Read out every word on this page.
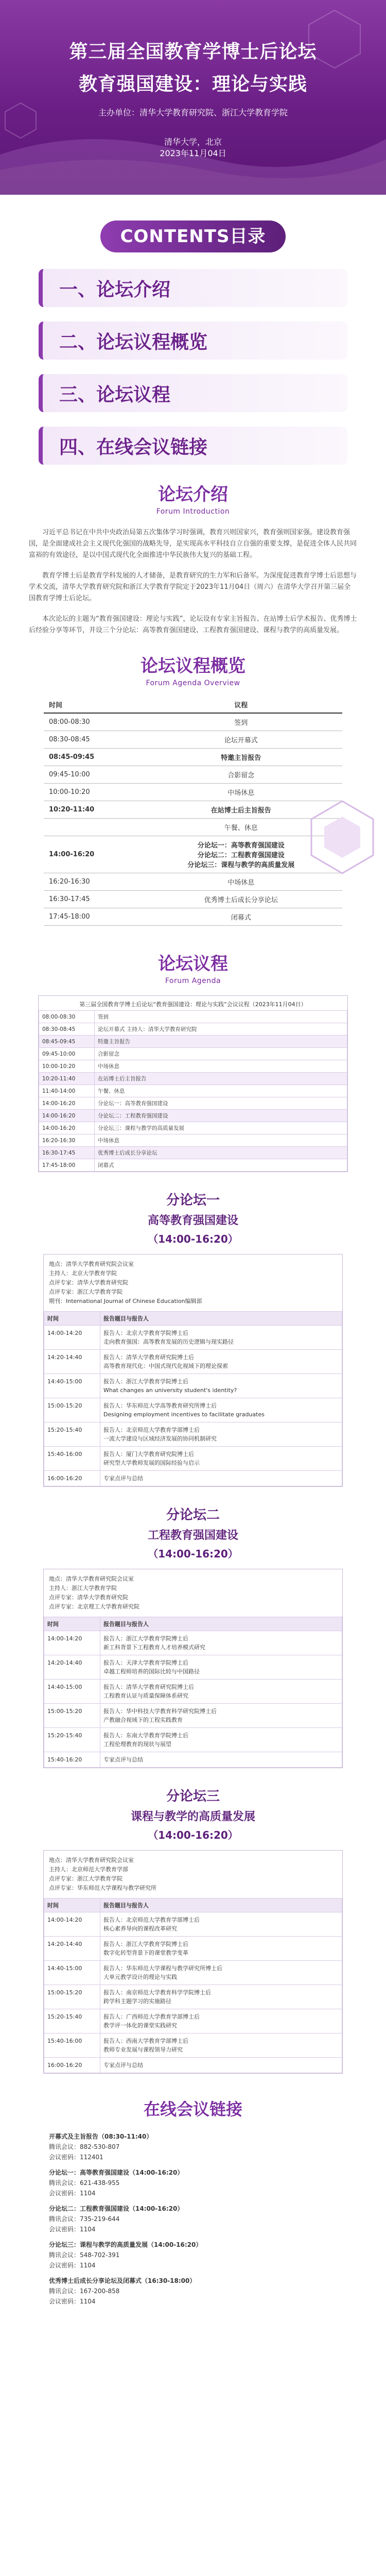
第三届全国教育学博士后论坛
教育强国建设：理论与实践
主办单位：清华大学教育研究院、浙江大学教育学院
清华大学，北京
2023年11月04日
CONTENTS目录
一、论坛介绍
二、论坛议程概览
三、论坛议程
四、在线会议链接
论坛介绍
Forum Introduction

习近平总书记在中共中央政治局第五次集体学习时强调，教育兴则国家兴，教育强则国家强。建设教育强国，是全面建成社会主义现代化强国的战略先导，是实现高水平科技自立自强的重要支撑，是促进全体人民共同富裕的有效途径，是以中国式现代化全面推进中华民族伟大复兴的基础工程。

教育学博士后是教育学科发展的人才储备，是教育研究的生力军和后备军。为深度促进教育学博士后思想与学术交流，清华大学教育研究院和浙江大学教育学院定于2023年11月04日（周六）在清华大学召开第三届全国教育学博士后论坛。

本次论坛的主题为“教育强国建设：理论与实践”，论坛设有专家主旨报告、在站博士后学术报告、优秀博士后经验分享等环节，并设三个分论坛：高等教育强国建设、工程教育强国建设、课程与教学的高质量发展。

论坛议程概览
Forum Agenda Overview
时间	议程
08:00-08:30	签到
08:30-08:45	论坛开幕式
08:45-09:45	特邀主旨报告
09:45-10:00	合影留念
10:00-10:20	中场休息
10:20-11:40	在站博士后主旨报告
	午餐、休息
14:00-16:20	分论坛一：高等教育强国建设
分论坛二：工程教育强国建设
分论坛三：课程与教学的高质量发展
16:20-16:30	中场休息
16:30-17:45	优秀博士后成长分享论坛
17:45-18:00	闭幕式
论坛议程
Forum Agenda
第三届全国教育学博士后论坛“教育强国建设：理论与实践”会议议程（2023年11月04日）
08:00-08:30	签到
08:30-08:45	论坛开幕式 主持人：清华大学教育研究院
08:45-09:45	特邀主旨报告
09:45-10:00	合影留念
10:00-10:20	中场休息
10:20-11:40	在站博士后主旨报告
11:40-14:00	午餐、休息
14:00-16:20	分论坛一：高等教育强国建设
14:00-16:20	分论坛二：工程教育强国建设
14:00-16:20	分论坛三：课程与教学的高质量发展
16:20-16:30	中场休息
16:30-17:45	优秀博士后成长分享论坛
17:45-18:00	闭幕式
分论坛一
高等教育强国建设
（14:00-16:20）
地点：清华大学教育研究院会议室
主持人：北京大学教育学院
点评专家：清华大学教育研究院
点评专家：浙江大学教育学院
期刊：International Journal of Chinese Education编辑部
时间	报告题目与报告人
14:00-14:20	报告人：北京大学教育学院博士后
走向教育强国：高等教育发展的历史逻辑与现实路径
14:20-14:40	报告人：清华大学教育研究院博士后
高等教育现代化：中国式现代化视域下的理论探索
14:40-15:00	报告人：浙江大学教育学院博士后
What changes an university student's identity?
15:00-15:20	报告人：华东师范大学高等教育研究所博士后
Designing employment incentives to facilitate graduates
15:20-15:40	报告人：北京师范大学教育学部博士后
一流大学建设与区域经济发展的协同机制研究
15:40-16:00	报告人：厦门大学教育研究院博士后
研究型大学教师发展的国际经验与启示
16:00-16:20	专家点评与总结
分论坛二
工程教育强国建设
（14:00-16:20）
地点：清华大学教育研究院会议室
主持人：浙江大学教育学院
点评专家：清华大学教育研究院
点评专家：北京理工大学教育研究院
时间	报告题目与报告人
14:00-14:20	报告人：浙江大学教育学院博士后
新工科背景下工程教育人才培养模式研究
14:20-14:40	报告人：天津大学教育学院博士后
卓越工程师培养的国际比较与中国路径
14:40-15:00	报告人：清华大学教育研究院博士后
工程教育认证与质量保障体系研究
15:00-15:20	报告人：华中科技大学教育科学研究院博士后
产教融合视域下的工程实践教育
15:20-15:40	报告人：东南大学教育学院博士后
工程伦理教育的现状与展望
15:40-16:20	专家点评与总结
分论坛三
课程与教学的高质量发展
（14:00-16:20）
地点：清华大学教育研究院会议室
主持人：北京师范大学教育学部
点评专家：浙江大学教育学院
点评专家：华东师范大学课程与教学研究所
时间	报告题目与报告人
14:00-14:20	报告人：北京师范大学教育学部博士后
核心素养导向的课程改革研究
14:20-14:40	报告人：浙江大学教育学院博士后
数字化转型背景下的课堂教学变革
14:40-15:00	报告人：华东师范大学课程与教学研究所博士后
大单元教学设计的理论与实践
15:00-15:20	报告人：南京师范大学教育科学学院博士后
跨学科主题学习的实施路径
15:20-15:40	报告人：广西师范大学教育学部博士后
教学评一体化的课堂实践研究
15:40-16:00	报告人：西南大学教育学部博士后
教师专业发展与课程领导力研究
16:00-16:20	专家点评与总结
在线会议链接
开幕式及主旨报告（08:30-11:40）
腾讯会议：882-530-807
会议密码：112401
分论坛一：高等教育强国建设（14:00-16:20）
腾讯会议：621-438-955
会议密码：1104
分论坛二：工程教育强国建设（14:00-16:20）
腾讯会议：735-219-644
会议密码：1104
分论坛三：课程与教学的高质量发展（14:00-16:20）
腾讯会议：548-702-391
会议密码：1104
优秀博士后成长分享论坛及闭幕式（16:30-18:00）
腾讯会议：167-200-858
会议密码：1104
